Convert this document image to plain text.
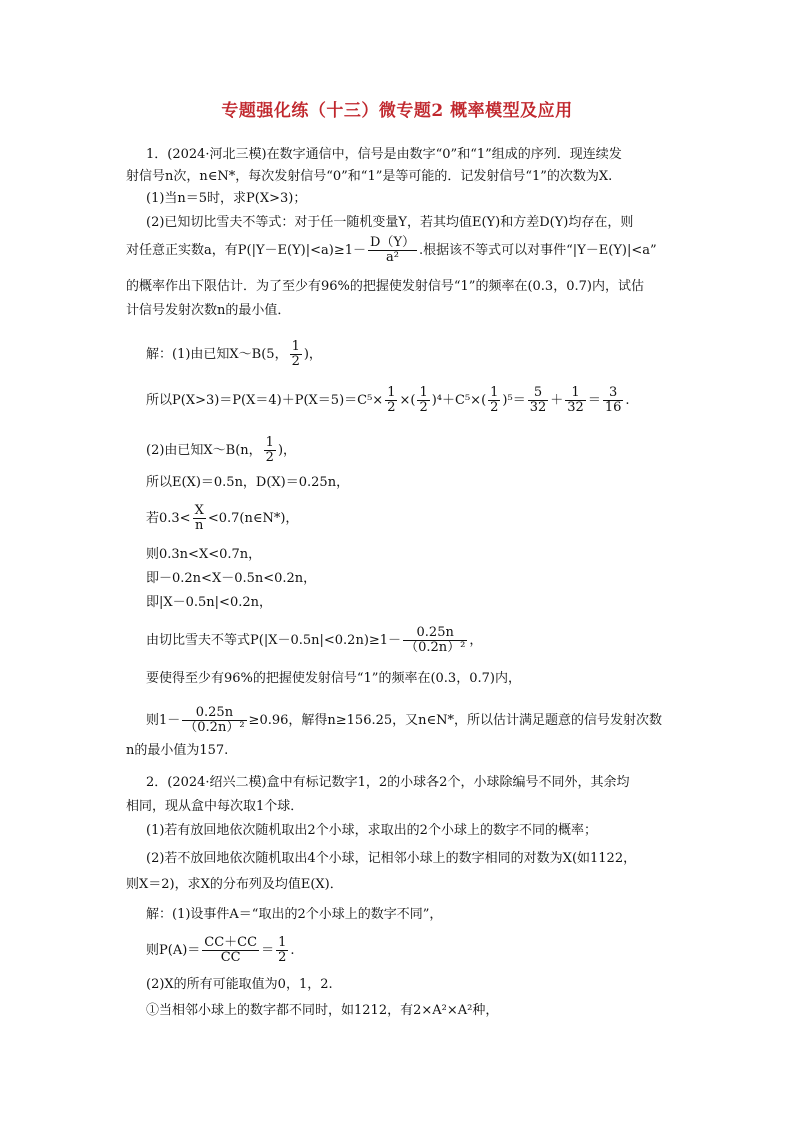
专题强化练（十三）微专题2 概率模型及应用

1．(2024·河北三模)在数字通信中，信号是由数字“0”和“1”组成的序列．现连续发

射信号n次，n∈N*，每次发射信号“0”和“1”是等可能的．记发射信号“1”的次数为X.

(1)当n＝5时，求P(X>3)；

(2)已知切比雪夫不等式：对于任一随机变量Y，若其均值E(Y)和方差D(Y)均存在，则

对任意正实数a，有$P(|Y-E(Y)|<a)\ge 1- \frac{D(Y)}{\text{a²}}$ .根据该不等式可以对事件“|Y－E(Y)|<a”

的概率作出下限估计．为了至少有96%的把握使发射信号“1”的频率在(0.3，0.7)内，试估

计信号发射次数n的最小值．

解：(1)由已知X～B(5， $\frac{1}{2}$ )，

所以$P(X>3)=P(X=4)+P(X=5)=C^5\times \frac{1}{2}$ ×( $\frac{1}{2} )^4+C^5\times( \frac{1}{2} )^5= \frac{5}{32} + \frac{1}{32} = \frac{3}{16}$ .

(2)由已知X～B(n， $\frac{1}{2}$ )，

所以E(X)＝0.5n，D(X)＝0.25n，

若$0.3< \frac{X}{n}$ <0.7(n∈N*)，

则0.3n<X<0.7n，

即－0.2n<X－0.5n<0.2n，

即|X－0.5n|<0.2n，

由切比雪夫不等式$P(|X-0.5n|<0.2n)\ge 1- \frac{0.25n}{\text{（0.2n）²}}$ ，

要使得至少有96%的把握使发射信号“1”的频率在(0.3，0.7)内，

则$1- \frac{0.25n}{\text{（0.2n）²}} \ge 0.96$，解得n≥156.25，又n∈N*，所以估计满足题意的信号发射次数

n的最小值为157.

2．(2024·绍兴二模)盒中有标记数字1，2的小球各2个，小球除编号不同外，其余均

相同，现从盒中每次取1个球．

(1)若有放回地依次随机取出2个小球，求取出的2个小球上的数字不同的概率；

(2)若不放回地依次随机取出4个小球，记相邻小球上的数字相同的对数为X(如1122，

则X＝2)，求X的分布列及均值E(X)．

解：(1)设事件A＝“取出的2个小球上的数字不同”，

则$P(A)= \frac{CC+CC}{CC} = \frac{1}{2}$ .

(2)X的所有可能取值为0，1，2.

①当相邻小球上的数字都不同时，如1212，有2×A²×A²种，
